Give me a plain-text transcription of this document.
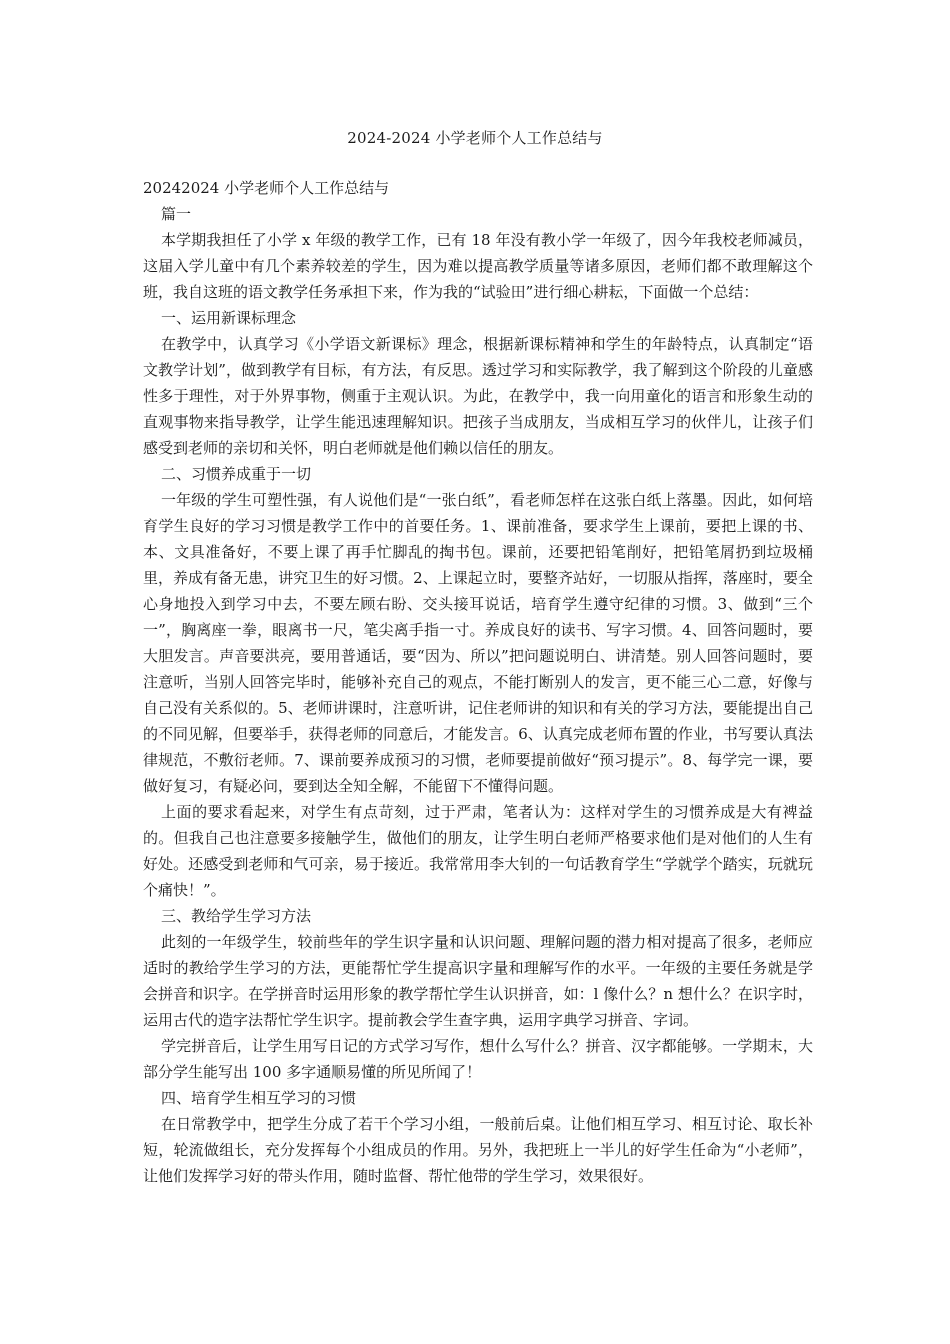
2024-2024 小学老师个人工作总结与

20242024 小学老师个人工作总结与

篇一

本学期我担任了小学 x 年级的教学工作，已有 18 年没有教小学一年级了，因今年我校老师减员，这届入学儿童中有几个素养较差的学生，因为难以提高教学质量等诸多原因，老师们都不敢理解这个班，我自这班的语文教学任务承担下来，作为我的“试验田”进行细心耕耘，下面做一个总结：

一、运用新课标理念

在教学中，认真学习《小学语文新课标》理念，根据新课标精神和学生的年龄特点，认真制定“语文教学计划”，做到教学有目标，有方法，有反思。透过学习和实际教学，我了解到这个阶段的儿童感性多于理性，对于外界事物，侧重于主观认识。为此，在教学中，我一向用童化的语言和形象生动的直观事物来指导教学，让学生能迅速理解知识。把孩子当成朋友，当成相互学习的伙伴儿，让孩子们感受到老师的亲切和关怀，明白老师就是他们赖以信任的朋友。

二、习惯养成重于一切

一年级的学生可塑性强，有人说他们是“一张白纸”，看老师怎样在这张白纸上落墨。因此，如何培育学生良好的学习习惯是教学工作中的首要任务。1、课前准备，要求学生上课前，要把上课的书、本、文具准备好，不要上课了再手忙脚乱的掏书包。课前，还要把铅笔削好，把铅笔屑扔到垃圾桶里，养成有备无患，讲究卫生的好习惯。2、上课起立时，要整齐站好，一切服从指挥，落座时，要全心身地投入到学习中去，不要左顾右盼、交头接耳说话，培育学生遵守纪律的习惯。3、做到“三个一”，胸离座一拳，眼离书一尺，笔尖离手指一寸。养成良好的读书、写字习惯。4、回答问题时，要大胆发言。声音要洪亮，要用普通话，要“因为、所以”把问题说明白、讲清楚。别人回答问题时，要注意听，当别人回答完毕时，能够补充自己的观点，不能打断别人的发言，更不能三心二意，好像与自己没有关系似的。5、老师讲课时，注意听讲，记住老师讲的知识和有关的学习方法，要能提出自己的不同见解，但要举手，获得老师的同意后，才能发言。6、认真完成老师布置的作业，书写要认真法律规范，不敷衍老师。7、课前要养成预习的习惯，老师要提前做好“预习提示”。8、每学完一课，要做好复习，有疑必问，要到达全知全解，不能留下不懂得问题。

上面的要求看起来，对学生有点苛刻，过于严肃，笔者认为：这样对学生的习惯养成是大有裨益的。但我自己也注意要多接触学生，做他们的朋友，让学生明白老师严格要求他们是对他们的人生有好处。还感受到老师和气可亲，易于接近。我常常用李大钊的一句话教育学生“学就学个踏实，玩就玩个痛快！”。

三、教给学生学习方法

此刻的一年级学生，较前些年的学生识字量和认识问题、理解问题的潜力相对提高了很多，老师应适时的教给学生学习的方法，更能帮忙学生提高识字量和理解写作的水平。一年级的主要任务就是学会拼音和识字。在学拼音时运用形象的教学帮忙学生认识拼音，如：l 像什么？n 想什么？在识字时，运用古代的造字法帮忙学生识字。提前教会学生查字典，运用字典学习拼音、字词。

学完拼音后，让学生用写日记的方式学习写作，想什么写什么？拼音、汉字都能够。一学期末，大部分学生能写出 100 多字通顺易懂的所见所闻了！

四、培育学生相互学习的习惯

在日常教学中，把学生分成了若干个学习小组，一般前后桌。让他们相互学习、相互讨论、取长补短，轮流做组长，充分发挥每个小组成员的作用。另外，我把班上一半儿的好学生任命为“小老师”，让他们发挥学习好的带头作用，随时监督、帮忙他带的学生学习，效果很好。
